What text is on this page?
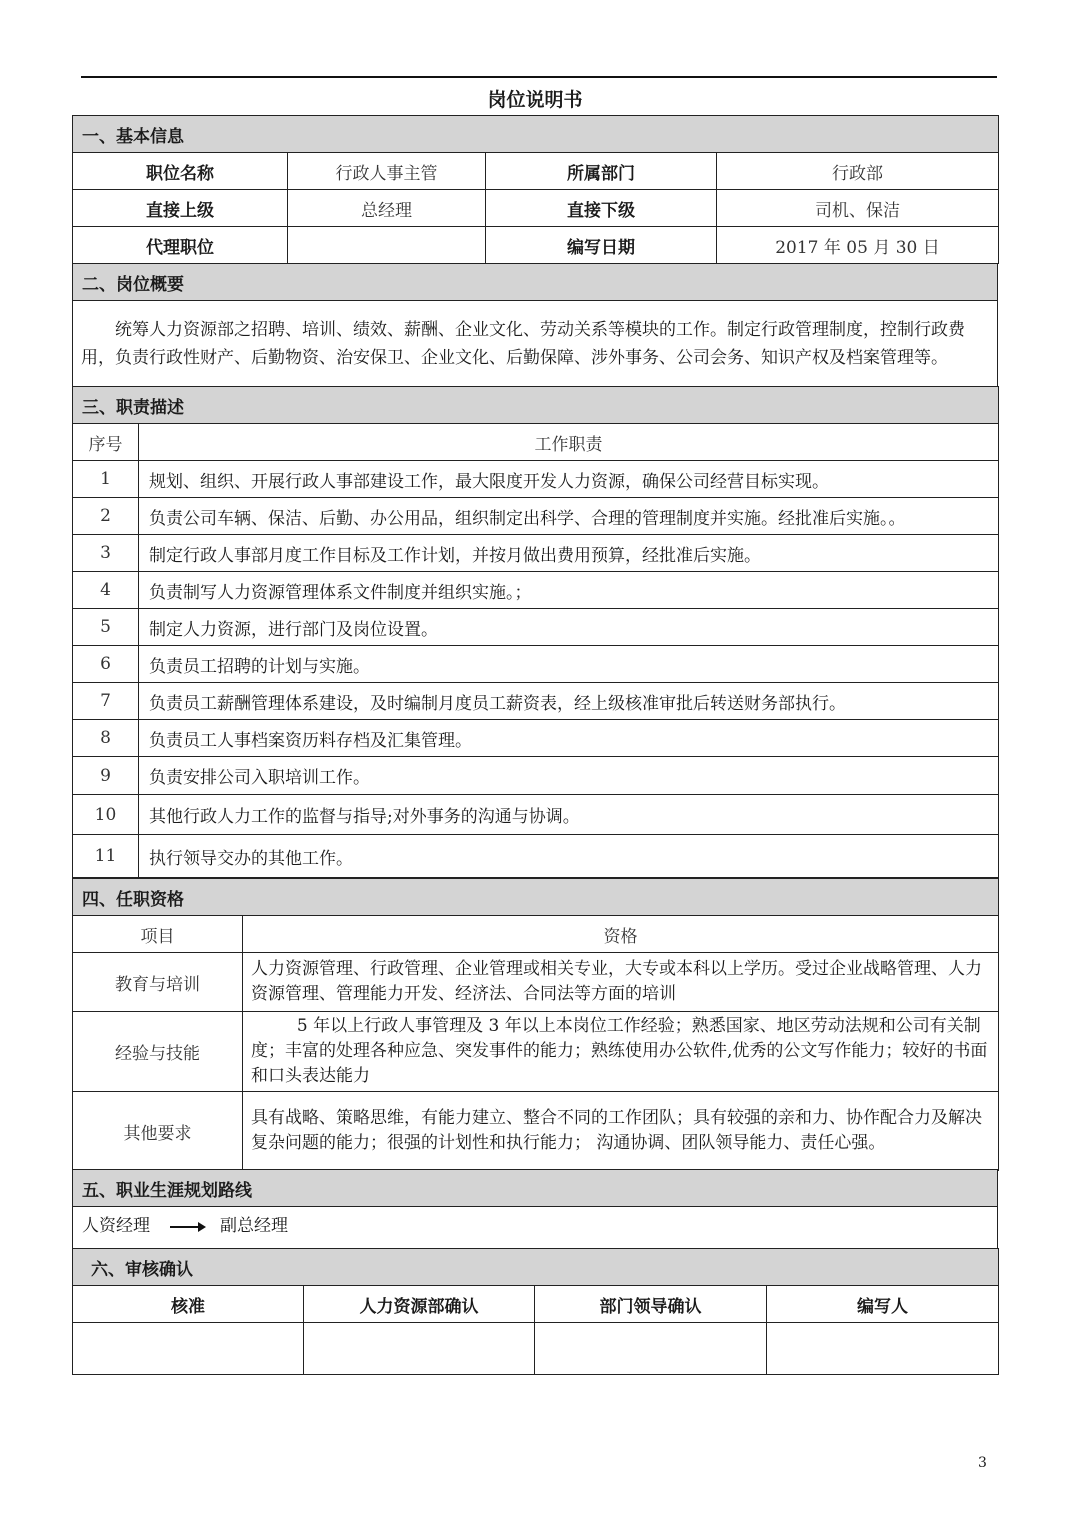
岗位说明书
一、基本信息			
职位名称	行政人事主管	所属部门	行政部
直接上级	总经理	直接下级	司机、保洁
代理职位		编写日期	2017 年 05 月 30 日
二、岗位概要
统筹人力资源部之招聘、培训、绩效、薪酬、企业文化、劳动关系等模块的工作。制定行政管理制度，控制行政费用，负责行政性财产、后勤物资、治安保卫、企业文化、后勤保障、涉外事务、公司会务、知识产权及档案管理等。
三、职责描述	
序号	工作职责
1	规划、组织、开展行政人事部建设工作，最大限度开发人力资源，确保公司经营目标实现。
2	负责公司车辆、保洁、后勤、办公用品，组织制定出科学、合理的管理制度并实施。经批准后实施。。
3	制定行政人事部月度工作目标及工作计划，并按月做出费用预算，经批准后实施。
4	负责制写人力资源管理体系文件制度并组织实施。；
5	制定人力资源，进行部门及岗位设置。
6	负责员工招聘的计划与实施。
7	负责员工薪酬管理体系建设，及时编制月度员工薪资表，经上级核准审批后转送财务部执行。
8	负责员工人事档案资历料存档及汇集管理。
9	负责安排公司入职培训工作。
10	其他行政人力工作的监督与指导;对外事务的沟通与协调。
11	执行领导交办的其他工作。
四、任职资格	
项目	资格
教育与培训	人力资源管理、行政管理、企业管理或相关专业，大专或本科以上学历。受过企业战略管理、人力资源管理、管理能力开发、经济法、合同法等方面的培训
经验与技能	5 年以上行政人事管理及 3 年以上本岗位工作经验；熟悉国家、地区劳动法规和公司有关制度；丰富的处理各种应急、突发事件的能力；熟练使用办公软件,优秀的公文写作能力；较好的书面和口头表达能力
其他要求	具有战略、策略思维，有能力建立、整合不同的工作团队；具有较强的亲和力、协作配合力及解决复杂问题的能力；很强的计划性和执行能力； 沟通协调、团队领导能力、责任心强。
五、职业生涯规划路线
人资经理	副总经理
六、审核确认			
核准	人力资源部确认	部门领导确认	编写人

3
